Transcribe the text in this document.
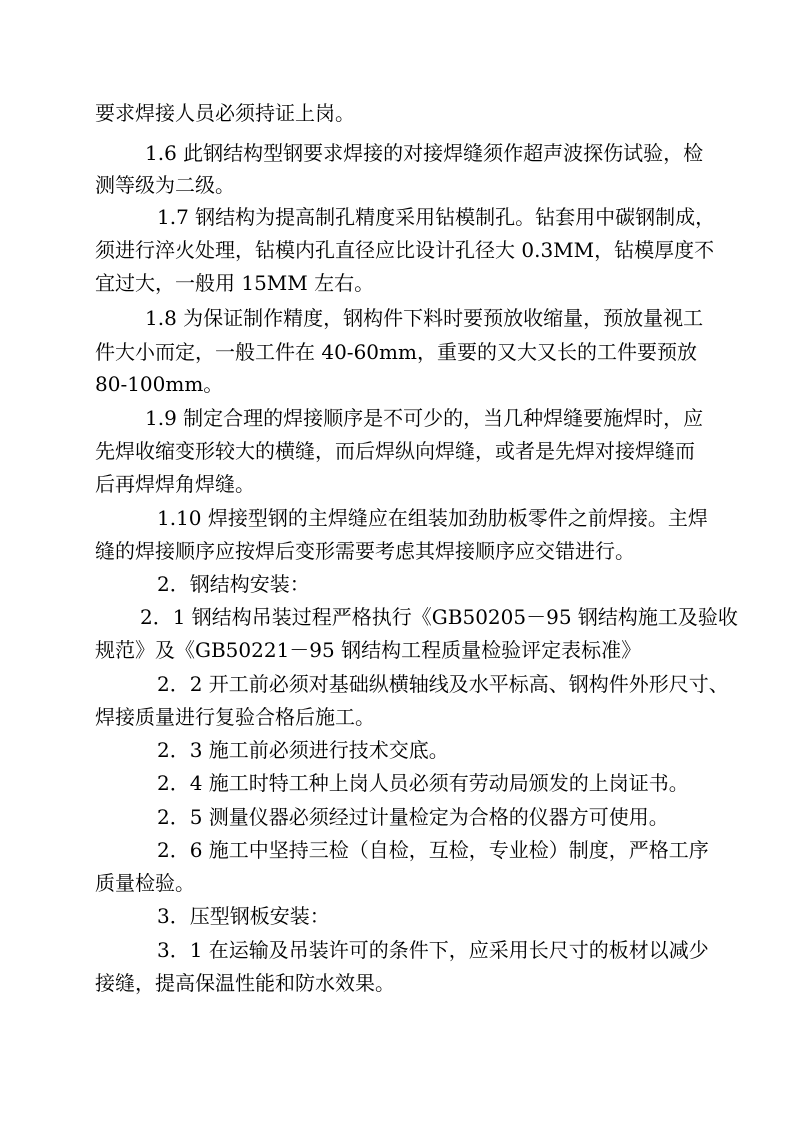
要求焊接人员必须持证上岗。
1.6 此钢结构型钢要求焊接的对接焊缝须作超声波探伤试验，检
测等级为二级。
1.7 钢结构为提高制孔精度采用钻模制孔。钻套用中碳钢制成，
须进行淬火处理，钻模内孔直径应比设计孔径大 0.3MM，钻模厚度不
宜过大，一般用 15MM 左右。
1.8 为保证制作精度，钢构件下料时要预放收缩量，预放量视工
件大小而定，一般工件在 40-60mm，重要的又大又长的工件要预放
80-100mm。
1.9 制定合理的焊接顺序是不可少的，当几种焊缝要施焊时，应
先焊收缩变形较大的横缝，而后焊纵向焊缝，或者是先焊对接焊缝而
后再焊焊角焊缝。
1.10 焊接型钢的主焊缝应在组装加劲肋板零件之前焊接。主焊
缝的焊接顺序应按焊后变形需要考虑其焊接顺序应交错进行。
2．钢结构安装：
2．1 钢结构吊装过程严格执行《GB50205－95 钢结构施工及验收
规范》及《GB50221－95 钢结构工程质量检验评定表标准》
2．2 开工前必须对基础纵横轴线及水平标高、钢构件外形尺寸、
焊接质量进行复验合格后施工。
2．3 施工前必须进行技术交底。
2．4 施工时特工种上岗人员必须有劳动局颁发的上岗证书。
2．5 测量仪器必须经过计量检定为合格的仪器方可使用。
2．6 施工中坚持三检（自检，互检，专业检）制度，严格工序
质量检验。
3．压型钢板安装：
3．1 在运输及吊装许可的条件下，应采用长尺寸的板材以减少
接缝，提高保温性能和防水效果。
